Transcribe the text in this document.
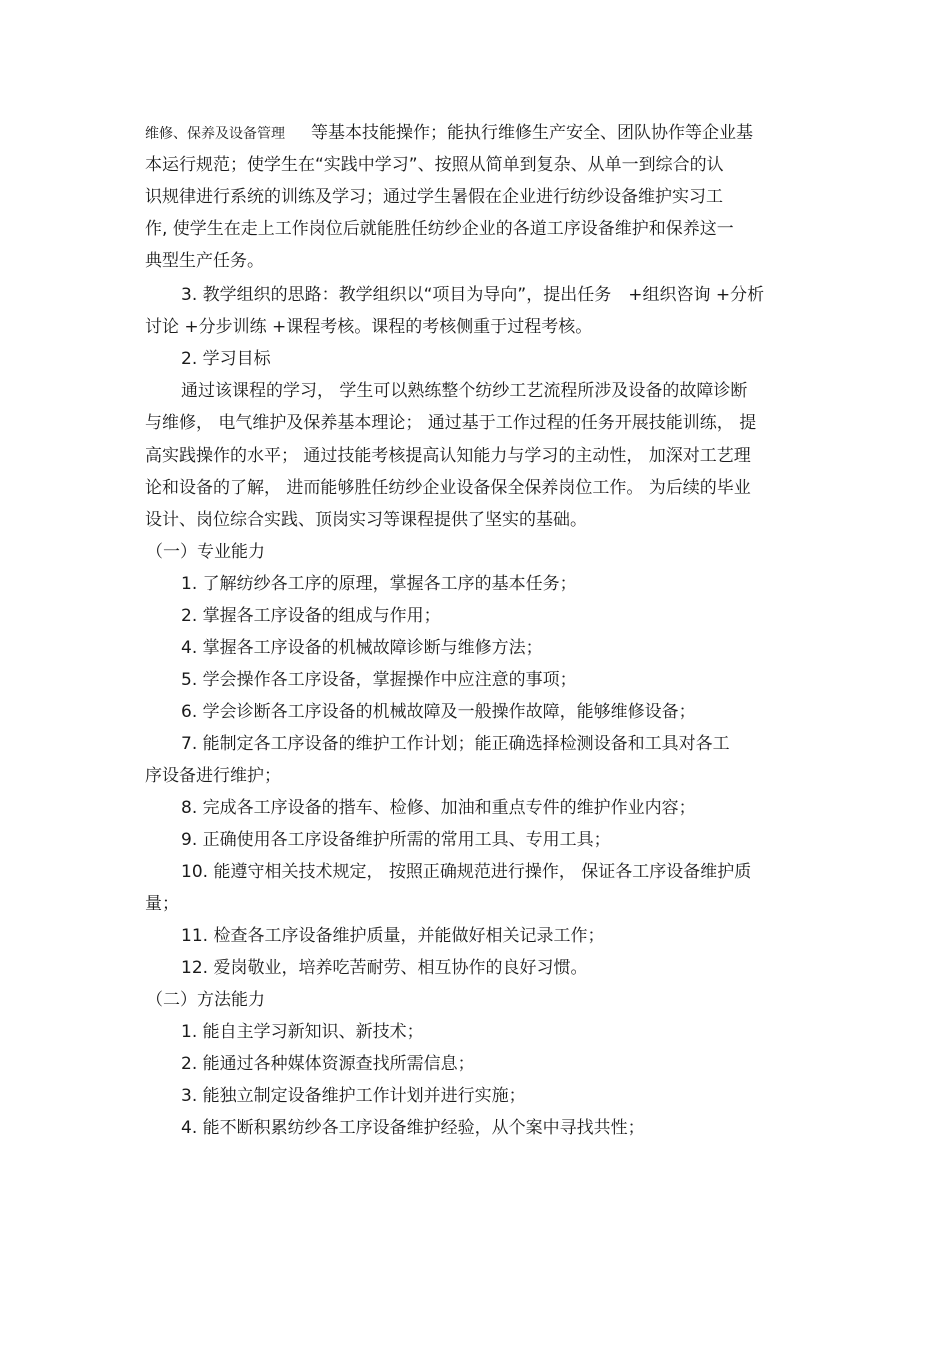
维修、保养及设备管理 等基本技能操作；能执行维修生产安全、团队协作等企业基
本运行规范；使学生在“实践中学习”、按照从简单到复杂、从单一到综合的认
识规律进行系统的训练及学习；通过学生暑假在企业进行纺纱设备维护实习工
作, 使学生在走上工作岗位后就能胜任纺纱企业的各道工序设备维护和保养这一
典型生产任务。
3. 教学组织的思路：教学组织以“项目为导向”，提出任务　+组织咨询 +分析
讨论 +分步训练 +课程考核。课程的考核侧重于过程考核。
2. 学习目标
通过该课程的学习， 学生可以熟练整个纺纱工艺流程所涉及设备的故障诊断
与维修， 电气维护及保养基本理论； 通过基于工作过程的任务开展技能训练， 提
高实践操作的水平； 通过技能考核提高认知能力与学习的主动性， 加深对工艺理
论和设备的了解， 进而能够胜任纺纱企业设备保全保养岗位工作。 为后续的毕业
设计、岗位综合实践、顶岗实习等课程提供了坚实的基础。
（一）专业能力
1. 了解纺纱各工序的原理，掌握各工序的基本任务；
2. 掌握各工序设备的组成与作用；
4. 掌握各工序设备的机械故障诊断与维修方法；
5. 学会操作各工序设备，掌握操作中应注意的事项；
6. 学会诊断各工序设备的机械故障及一般操作故障，能够维修设备；
7. 能制定各工序设备的维护工作计划；能正确选择检测设备和工具对各工
序设备进行维护；
8. 完成各工序设备的揩车、检修、加油和重点专件的维护作业内容；
9. 正确使用各工序设备维护所需的常用工具、专用工具；
10. 能遵守相关技术规定， 按照正确规范进行操作， 保证各工序设备维护质
量；
11. 检查各工序设备维护质量，并能做好相关记录工作；
12. 爱岗敬业，培养吃苦耐劳、相互协作的良好习惯。
（二）方法能力
1. 能自主学习新知识、新技术；
2. 能通过各种媒体资源查找所需信息；
3. 能独立制定设备维护工作计划并进行实施；
4. 能不断积累纺纱各工序设备维护经验，从个案中寻找共性；
